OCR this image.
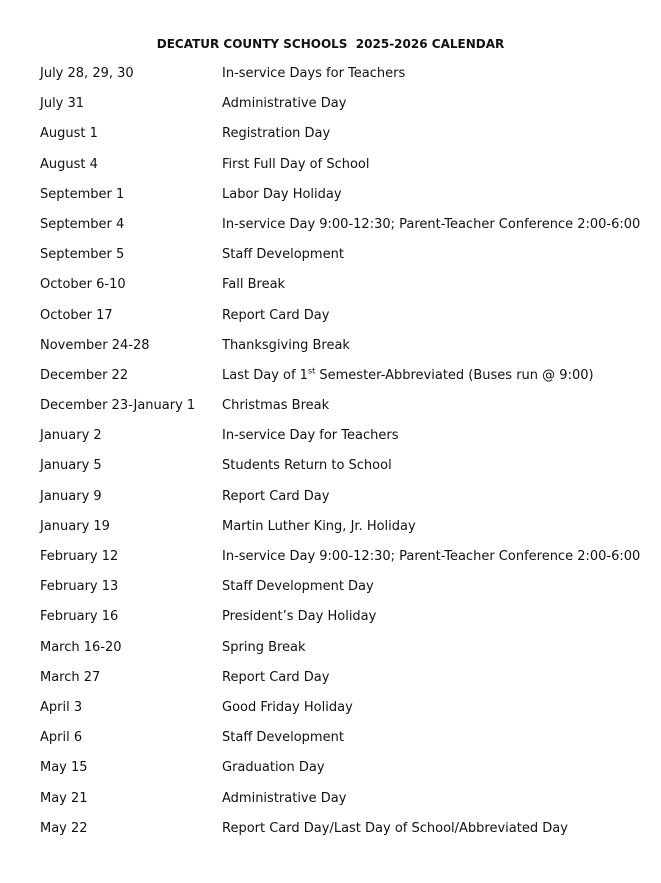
DECATUR COUNTY SCHOOLS  2025-2026 CALENDAR
July 28, 29, 30	In-service Days for Teachers
July 31	Administrative Day
August 1	Registration Day
August 4	First Full Day of School
September 1	Labor Day Holiday
September 4	In-service Day 9:00-12:30; Parent-Teacher Conference 2:00-6:00
September 5	Staff Development
October 6-10	Fall Break
October 17	Report Card Day
November 24-28	Thanksgiving Break
December 22	Last Day of 1st Semester-Abbreviated (Buses run @ 9:00)
December 23-January 1 Christmas Break
January 2	In-service Day for Teachers
January 5	Students Return to School
January 9	Report Card Day
January 19	Martin Luther King, Jr. Holiday
February 12	In-service Day 9:00-12:30; Parent-Teacher Conference 2:00-6:00
February 13	Staff Development Day
February 16	President’s Day Holiday
March 16-20	Spring Break
March 27	Report Card Day
April 3	Good Friday Holiday
April 6	Staff Development
May 15	Graduation Day
May 21	Administrative Day
May 22	Report Card Day/Last Day of School/Abbreviated Day
